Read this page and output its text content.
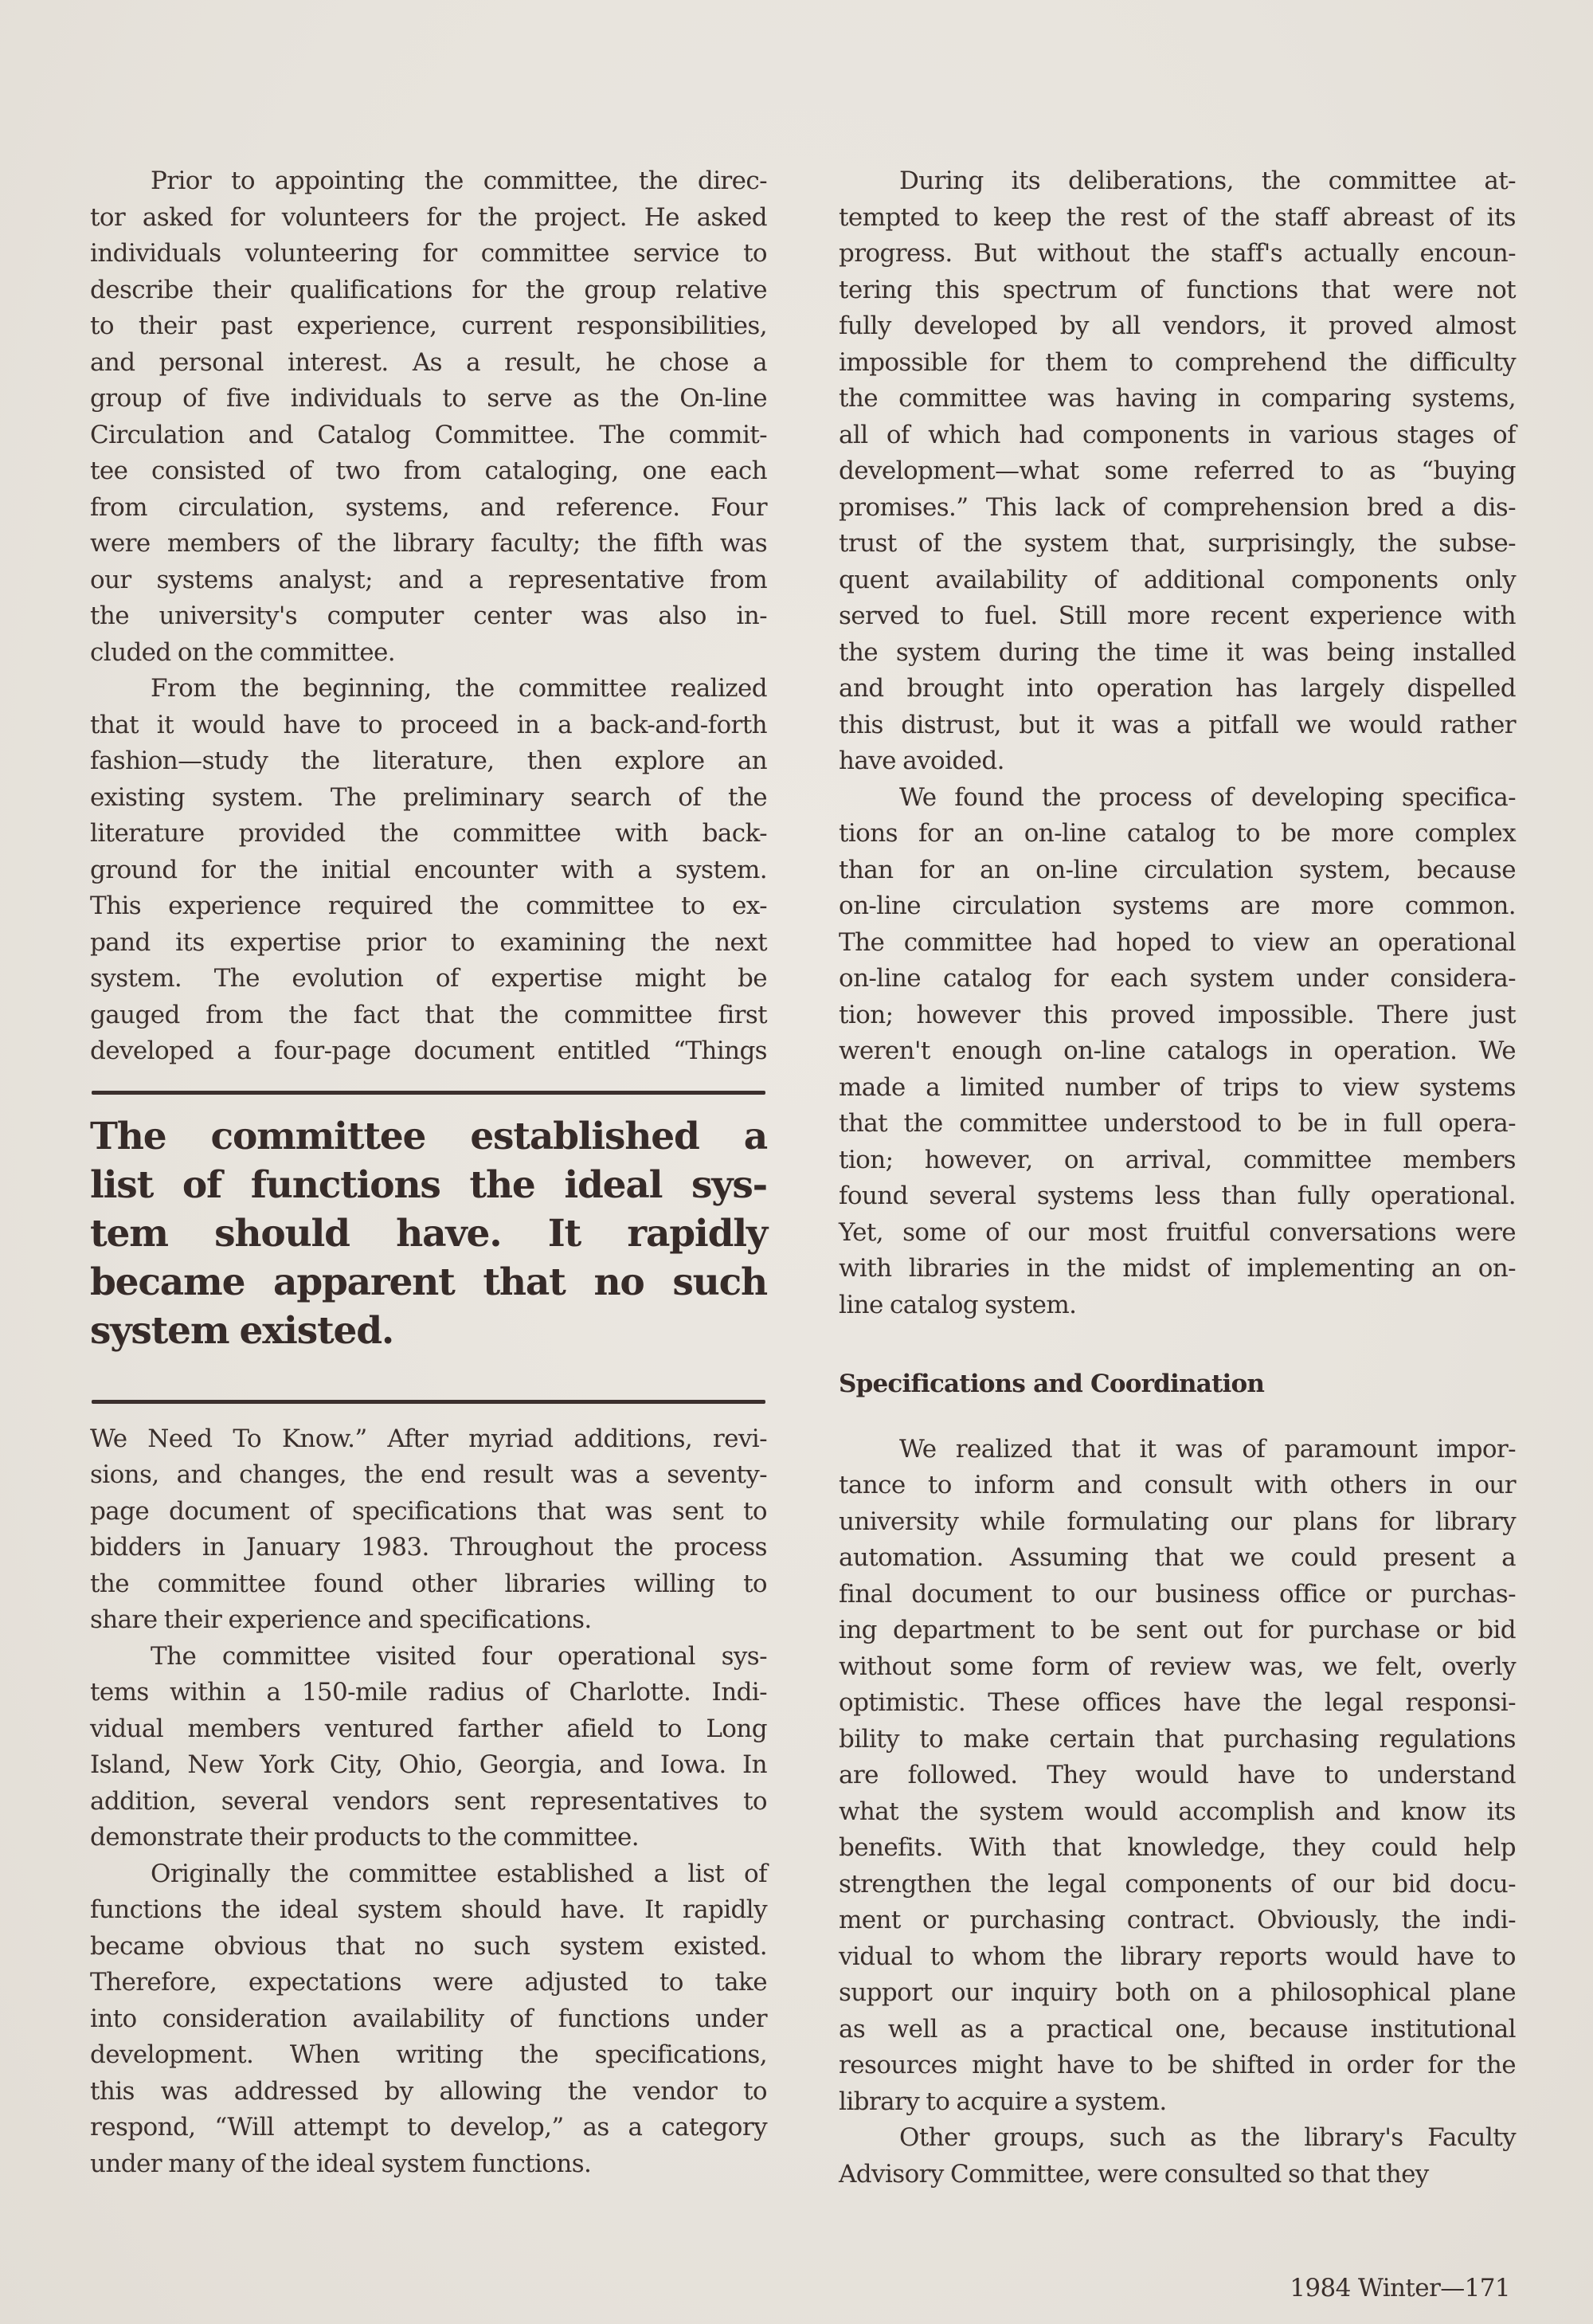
Prior to appointing the committee, the direc-
tor asked for volunteers for the project. He asked
individuals volunteering for committee service to
describe their qualifications for the group relative
to their past experience, current responsibilities,
and personal interest. As a result, he chose a
group of five individuals to serve as the On-line
Circulation and Catalog Committee. The commit-
tee consisted of two from cataloging, one each
from circulation, systems, and reference. Four
were members of the library faculty; the fifth was
our systems analyst; and a representative from
the university's computer center was also in-
cluded on the committee.
From the beginning, the committee realized
that it would have to proceed in a back-and-forth
fashion—study the literature, then explore an
existing system. The preliminary search of the
literature provided the committee with back-
ground for the initial encounter with a system.
This experience required the committee to ex-
pand its expertise prior to examining the next
system. The evolution of expertise might be
gauged from the fact that the committee first
developed a four-page document entitled “Things
The committee established a
list of functions the ideal sys-
tem should have. It rapidly
became apparent that no such
system existed.
We Need To Know.” After myriad additions, revi-
sions, and changes, the end result was a seventy-
page document of specifications that was sent to
bidders in January 1983. Throughout the process
the committee found other libraries willing to
share their experience and specifications.
The committee visited four operational sys-
tems within a 150-mile radius of Charlotte. Indi-
vidual members ventured farther afield to Long
Island, New York City, Ohio, Georgia, and Iowa. In
addition, several vendors sent representatives to
demonstrate their products to the committee.
Originally the committee established a list of
functions the ideal system should have. It rapidly
became obvious that no such system existed.
Therefore, expectations were adjusted to take
into consideration availability of functions under
development. When writing the specifications,
this was addressed by allowing the vendor to
respond, “Will attempt to develop,” as a category
under many of the ideal system functions.
During its deliberations, the committee at-
tempted to keep the rest of the staff abreast of its
progress. But without the staff's actually encoun-
tering this spectrum of functions that were not
fully developed by all vendors, it proved almost
impossible for them to comprehend the difficulty
the committee was having in comparing systems,
all of which had components in various stages of
development—what some referred to as “buying
promises.” This lack of comprehension bred a dis-
trust of the system that, surprisingly, the subse-
quent availability of additional components only
served to fuel. Still more recent experience with
the system during the time it was being installed
and brought into operation has largely dispelled
this distrust, but it was a pitfall we would rather
have avoided.
We found the process of developing specifica-
tions for an on-line catalog to be more complex
than for an on-line circulation system, because
on-line circulation systems are more common.
The committee had hoped to view an operational
on-line catalog for each system under considera-
tion; however this proved impossible. There just
weren't enough on-line catalogs in operation. We
made a limited number of trips to view systems
that the committee understood to be in full opera-
tion; however, on arrival, committee members
found several systems less than fully operational.
Yet, some of our most fruitful conversations were
with libraries in the midst of implementing an on-
line catalog system.
Specifications and Coordination
We realized that it was of paramount impor-
tance to inform and consult with others in our
university while formulating our plans for library
automation. Assuming that we could present a
final document to our business office or purchas-
ing department to be sent out for purchase or bid
without some form of review was, we felt, overly
optimistic. These offices have the legal responsi-
bility to make certain that purchasing regulations
are followed. They would have to understand
what the system would accomplish and know its
benefits. With that knowledge, they could help
strengthen the legal components of our bid docu-
ment or purchasing contract. Obviously, the indi-
vidual to whom the library reports would have to
support our inquiry both on a philosophical plane
as well as a practical one, because institutional
resources might have to be shifted in order for the
library to acquire a system.
Other groups, such as the library's Faculty
Advisory Committee, were consulted so that they
1984 Winter—171
